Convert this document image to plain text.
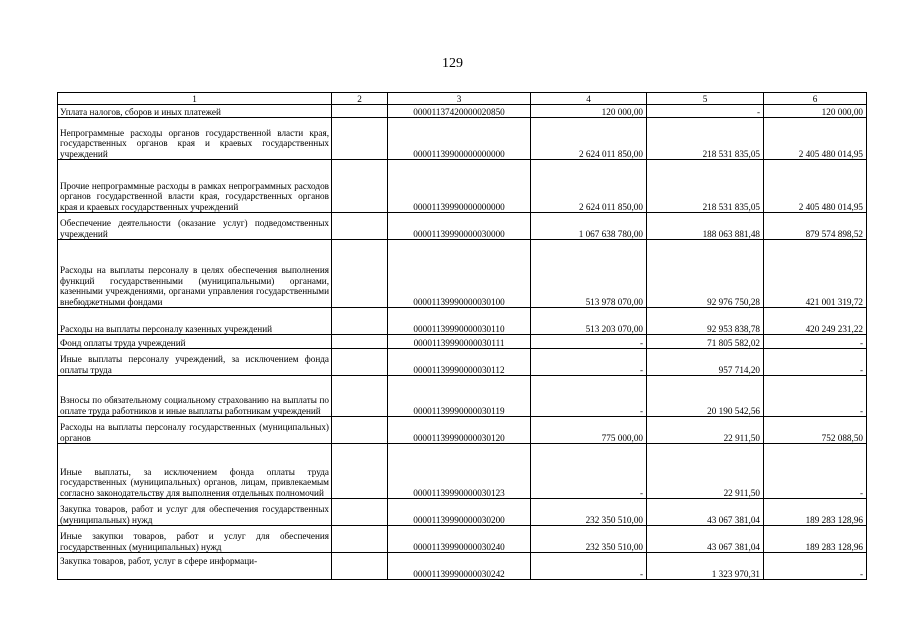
129
1	2	3	4	5	6
Уплата налогов, сборов и иных платежей		00001137420000020850	120 000,00	-	120 000,00
Непрограммные расходы органов государственной власти края, государственных органов края и краевых государственных учреждений		00001139900000000000	2 624 011 850,00	218 531 835,05	2 405 480 014,95
Прочие непрограммные расходы в рамках непрограммных расходов органов государственной власти края, государственных органов края и краевых государственных учреждений		00001139990000000000	2 624 011 850,00	218 531 835,05	2 405 480 014,95
Обеспечение деятельности (оказание услуг) подведомственных учреждений		00001139990000030000	1 067 638 780,00	188 063 881,48	879 574 898,52
Расходы на выплаты персоналу в целях обеспечения выполнения функций государственными (муниципальными) органами, казенными учреждениями, органами управления государственными внебюджетными фондами		00001139990000030100	513 978 070,00	92 976 750,28	421 001 319,72
Расходы на выплаты персоналу казенных учреждений		00001139990000030110	513 203 070,00	92 953 838,78	420 249 231,22
Фонд оплаты труда учреждений		00001139990000030111	-	71 805 582,02	-
Иные выплаты персоналу учреждений, за исключением фонда оплаты труда		00001139990000030112	-	957 714,20	-
Взносы по обязательному социальному страхованию на выплаты по оплате труда работников и иные выплаты работникам учреждений		00001139990000030119	-	20 190 542,56	-
Расходы на выплаты персоналу государственных (муниципальных) органов		00001139990000030120	775 000,00	22 911,50	752 088,50
Иные выплаты, за исключением фонда оплаты труда государственных (муниципальных) органов, лицам, привлекаемым согласно законодательству для выполнения отдельных полномочий		00001139990000030123	-	22 911,50	-
Закупка товаров, работ и услуг для обеспечения государственных (муниципальных) нужд		00001139990000030200	232 350 510,00	43 067 381,04	189 283 128,96
Иные закупки товаров, работ и услуг для обеспечения государственных (муниципальных) нужд		00001139990000030240	232 350 510,00	43 067 381,04	189 283 128,96
Закупка товаров, работ, услуг в сфере информаци-		00001139990000030242	-	1 323 970,31	-
